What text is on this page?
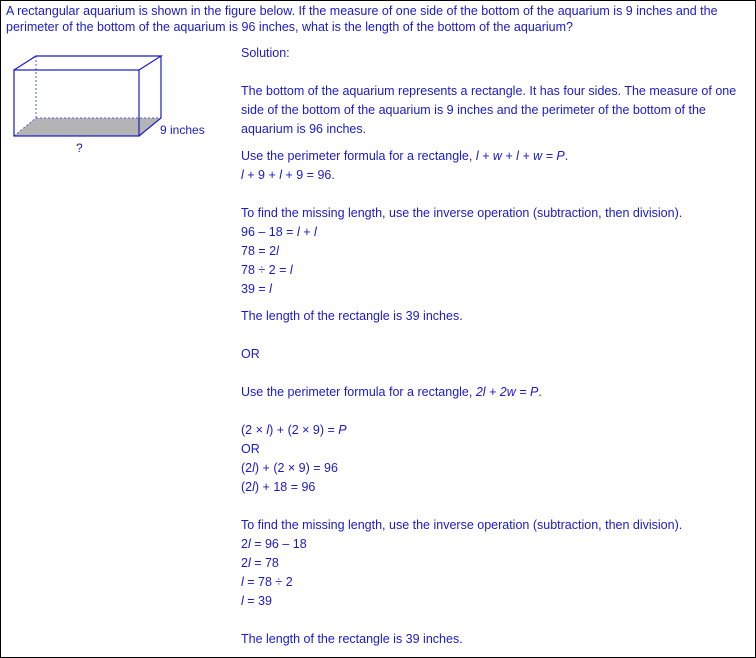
A rectangular aquarium is shown in the figure below. If the measure of one side of the bottom of the aquarium is 9 inches and the perimeter of the bottom of the aquarium is 96 inches, what is the length of the bottom of the aquarium?
9 inches
?
Solution:
The bottom of the aquarium represents a rectangle. It has four sides. The measure of one side of the bottom of the aquarium is 9 inches and the perimeter of the bottom of the aquarium is 96 inches.
Use the perimeter formula for a rectangle, l + w + l + w = P.
l + 9 + l + 9 = 96.
To find the missing length, use the inverse operation (subtraction, then division).
96 – 18 = l + l
78 = 2l
78 ÷ 2 = l
39 = l
The length of the rectangle is 39 inches.
OR
Use the perimeter formula for a rectangle, 2l + 2w = P.
(2 × l) + (2 × 9) = P
OR
(2l) + (2 × 9) = 96
(2l) + 18 = 96
To find the missing length, use the inverse operation (subtraction, then division).
2l = 96 – 18
2l = 78
l = 78 ÷ 2
l = 39
The length of the rectangle is 39 inches.
